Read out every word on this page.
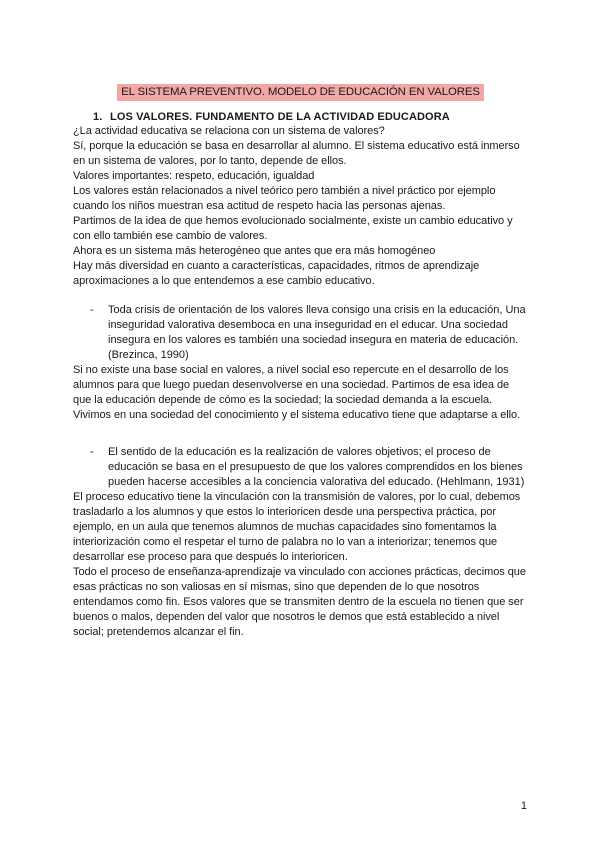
EL SISTEMA PREVENTIVO. MODELO DE EDUCACIÓN EN VALORES
1. LOS VALORES. FUNDAMENTO DE LA ACTIVIDAD EDUCADORA

¿La actividad educativa se relaciona con un sistema de valores?

Sí, porque la educación se basa en desarrollar al alumno. El sistema educativo está inmerso en un sistema de valores, por lo tanto, depende de ellos.

Valores importantes: respeto, educación, igualdad

Los valores están relacionados a nivel teórico pero también a nivel práctico por ejemplo cuando los niños muestran esa actitud de respeto hacia las personas ajenas.

Partimos de la idea de que hemos evolucionado socialmente, existe un cambio educativo y con ello también ese cambio de valores.

Ahora es un sistema más heterogéneo que antes que era más homogéneo

Hay más diversidad en cuanto a características, capacidades, ritmos de aprendizaje aproximaciones a lo que entendemos a ese cambio educativo.

- Toda crisis de orientación de los valores lleva consigo una crisis en la educación, Una inseguridad valorativa desemboca en una inseguridad en el educar. Una sociedad insegura en los valores es también una sociedad insegura en materia de educación. (Brezinca, 1990)

Si no existe una base social en valores, a nivel social eso repercute en el desarrollo de los alumnos para que luego puedan desenvolverse en una sociedad. Partimos de esa idea de que la educación depende de cómo es la sociedad; la sociedad demanda a la escuela. Vivimos en una sociedad del conocimiento y el sistema educativo tiene que adaptarse a ello.

- El sentido de la educación es la realización de valores objetivos; el proceso de educación se basa en el presupuesto de que los valores comprendidos en los bienes pueden hacerse accesibles a la conciencia valorativa del educado. (Hehlmann, 1931)

El proceso educativo tiene la vinculación con la transmisión de valores, por lo cual, debemos trasladarlo a los alumnos y que estos lo interioricen desde una perspectiva práctica, por ejemplo, en un aula que tenemos alumnos de muchas capacidades sino fomentamos la interiorización como el respetar el turno de palabra no lo van a interiorizar; tenemos que desarrollar ese proceso para que después lo interioricen.

Todo el proceso de enseñanza-aprendizaje va vinculado con acciones prácticas, decimos que esas prácticas no son valiosas en sí mismas, sino que dependen de lo que nosotros entendamos como fin. Esos valores que se transmiten dentro de la escuela no tienen que ser buenos o malos, dependen del valor que nosotros le demos que está establecido a nivel social; pretendemos alcanzar el fin.

1
